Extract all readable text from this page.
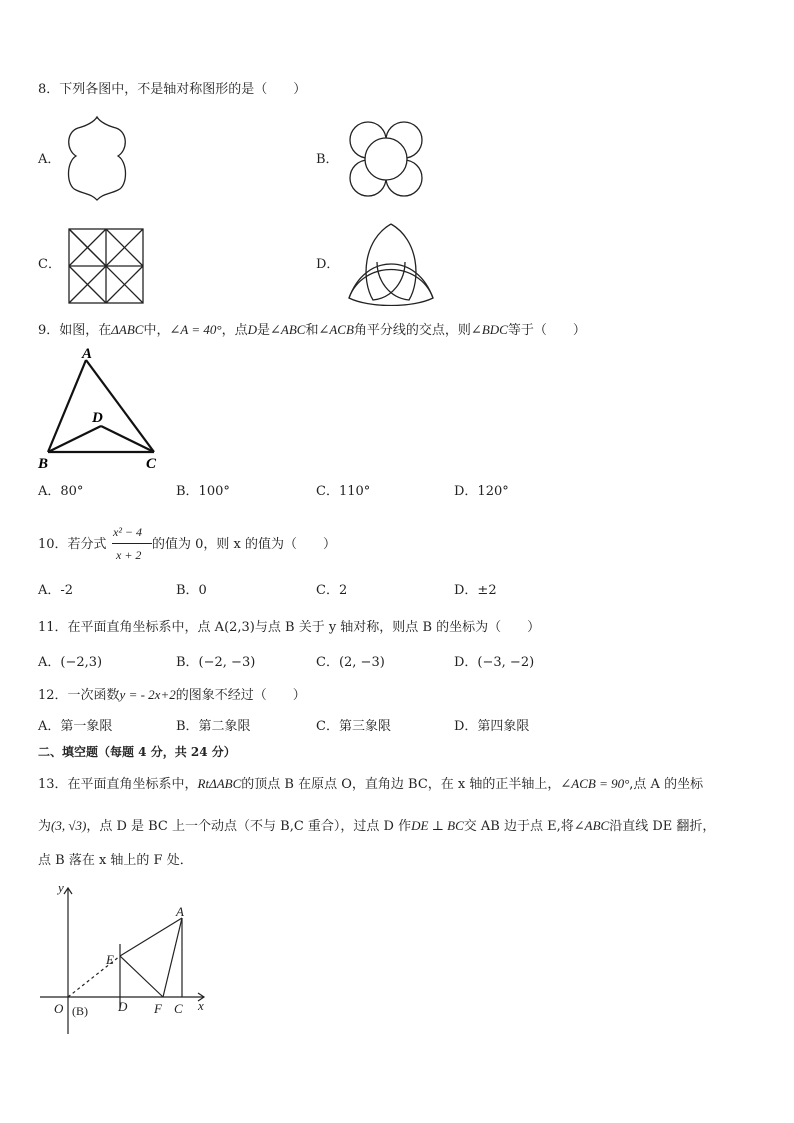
8．下列各图中，不是轴对称图形的是（　　）
A．	B．
C．	D．
9．如图，在ΔABC中，∠A = 40°，点D是∠ABC和∠ACB角平分线的交点，则∠BDC等于（　　）
A
D
B	C
A．80°	B．100°	C．110°	D．120°
10．若分式
x² − 4
x + 2
的值为 0，则 x 的值为（　　）
A．-2	B．0	C．2	D．±2
11．在平面直角坐标系中，点 A(2,3)与点 B 关于 y 轴对称，则点 B 的坐标为（　　）
A．(−2,3)	B．(−2, −3)	C．(2, −3)	D．(−3, −2)
12．一次函数y = - 2x+2的图象不经过（　　）
A．第一象限	B．第二象限	C．第三象限	D．第四象限
二、填空题（每题 4 分，共 24 分）
13．在平面直角坐标系中，RtΔABC的顶点 B 在原点 O，直角边 BC，在 x 轴的正半轴上，∠ACB = 90°,点 A 的坐标
为(3, √3)，点 D 是 BC 上一个动点（不与 B,C 重合），过点 D 作DE ⊥ BC交 AB 边于点 E,将∠ABC沿直线 DE 翻折，
点 B 落在 x 轴上的 F 处．
y
x
O	D F C
E
A
(B)
